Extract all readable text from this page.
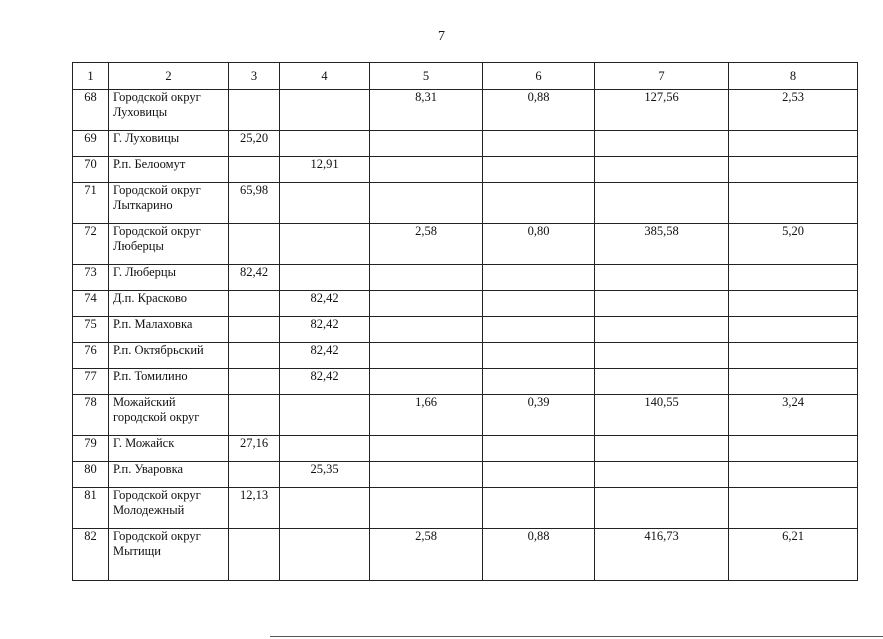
7
1	2	3	4	5	6	7	8
68	Городской округ Луховицы			8,31	0,88	127,56	2,53
69	Г. Луховицы	25,20					
70	Р.п. Белоомут		12,91				
71	Городской округ Лыткарино	65,98					
72	Городской округ Люберцы			2,58	0,80	385,58	5,20
73	Г. Люберцы	82,42					
74	Д.п. Красково		82,42				
75	Р.п. Малаховка		82,42				
76	Р.п. Октябрьский		82,42				
77	Р.п. Томилино		82,42				
78	Можайский городской округ			1,66	0,39	140,55	3,24
79	Г. Можайск	27,16					
80	Р.п. Уваровка		25,35				
81	Городской округ Молодежный	12,13					
82	Городской округ Мытищи			2,58	0,88	416,73	6,21
